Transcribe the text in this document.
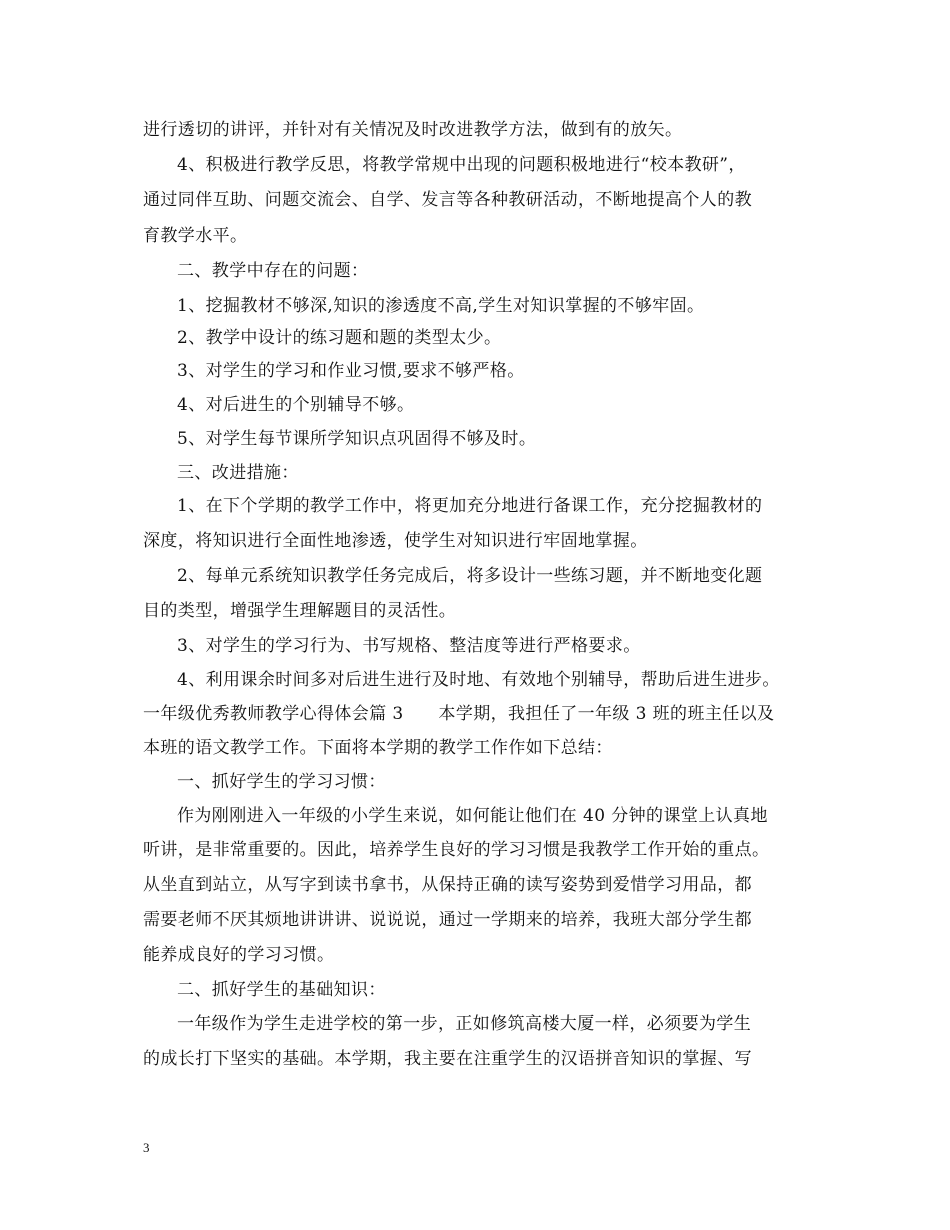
进行透切的讲评，并针对有关情况及时改进教学方法，做到有的放矢。
4、积极进行教学反思，将教学常规中出现的问题积极地进行“校本教研”，
通过同伴互助、问题交流会、自学、发言等各种教研活动，不断地提高个人的教
育教学水平。
二、教学中存在的问题：
1、挖掘教材不够深,知识的渗透度不高,学生对知识掌握的不够牢固。
2、教学中设计的练习题和题的类型太少。
3、对学生的学习和作业习惯,要求不够严格。
4、对后进生的个别辅导不够。
5、对学生每节课所学知识点巩固得不够及时。
三、改进措施：
1、在下个学期的教学工作中，将更加充分地进行备课工作，充分挖掘教材的
深度，将知识进行全面性地渗透，使学生对知识进行牢固地掌握。
2、每单元系统知识教学任务完成后，将多设计一些练习题，并不断地变化题
目的类型，增强学生理解题目的灵活性。
3、对学生的学习行为、书写规格、整洁度等进行严格要求。
4、利用课余时间多对后进生进行及时地、有效地个别辅导，帮助后进生进步。
一年级优秀教师教学心得体会篇 3　　本学期，我担任了一年级 3 班的班主任以及
本班的语文教学工作。下面将本学期的教学工作作如下总结：
一、抓好学生的学习习惯：
作为刚刚进入一年级的小学生来说，如何能让他们在 40 分钟的课堂上认真地
听讲，是非常重要的。因此，培养学生良好的学习习惯是我教学工作开始的重点。
从坐直到站立，从写字到读书拿书，从保持正确的读写姿势到爱惜学习用品，都
需要老师不厌其烦地讲讲讲、说说说，通过一学期来的培养，我班大部分学生都
能养成良好的学习习惯。
二、抓好学生的基础知识：
一年级作为学生走进学校的第一步，正如修筑高楼大厦一样，必须要为学生
的成长打下坚实的基础。本学期，我主要在注重学生的汉语拼音知识的掌握、写
3
